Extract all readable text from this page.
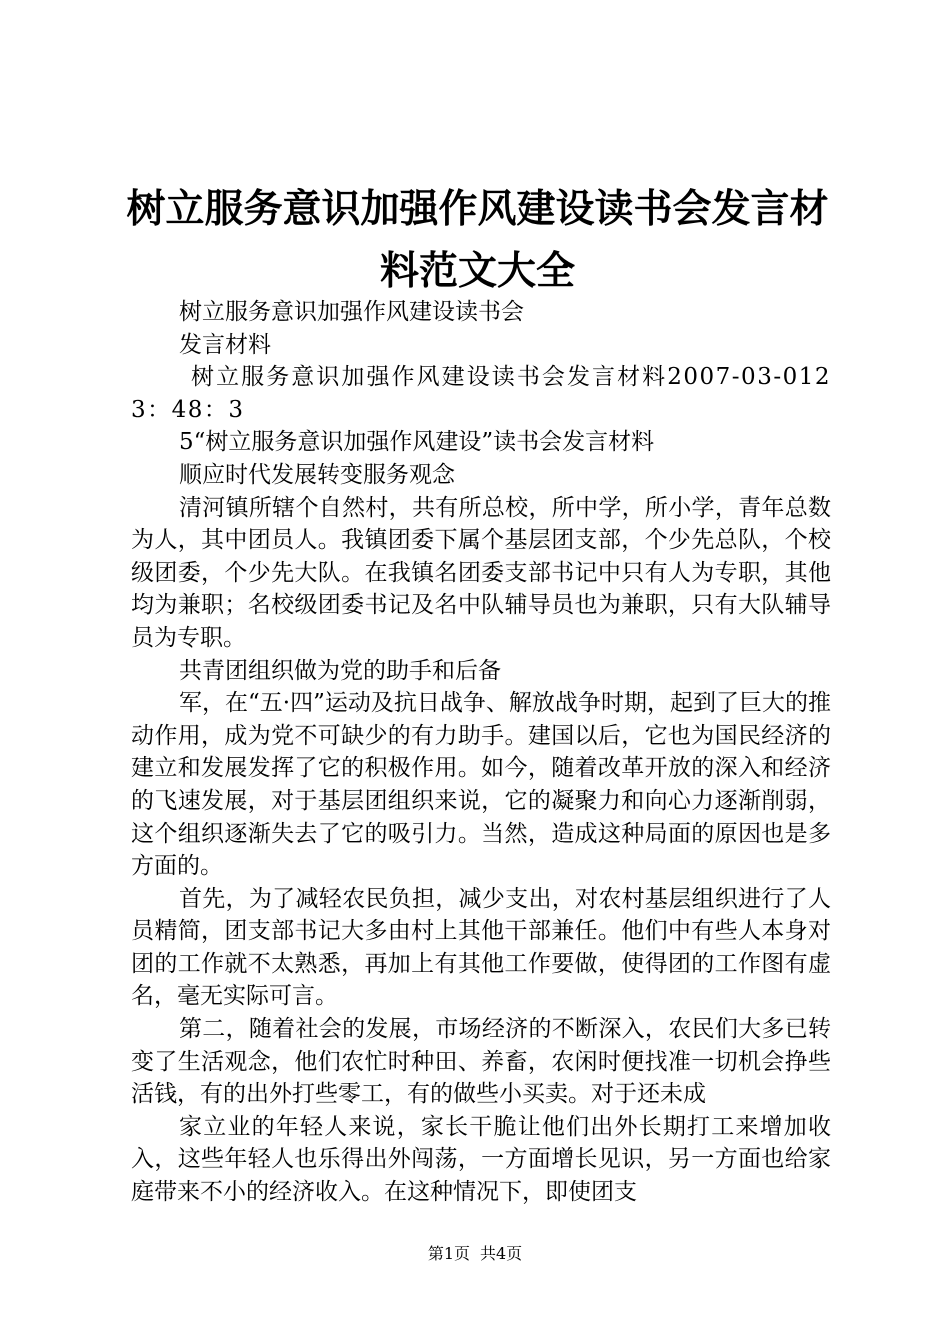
树立服务意识加强作风建设读书会发言材料范文大全

树立服务意识加强作风建设读书会

发言材料

树立服务意识加强作风建设读书会发言材料2007-03-0123：48：3

5“树立服务意识加强作风建设”读书会发言材料

顺应时代发展转变服务观念

清河镇所辖个自然村，共有所总校，所中学，所小学，青年总数为人，其中团员人。我镇团委下属个基层团支部，个少先总队，个校级团委，个少先大队。在我镇名团委支部书记中只有人为专职，其他均为兼职；名校级团委书记及名中队辅导员也为兼职，只有大队辅导员为专职。

共青团组织做为党的助手和后备

军，在“五·四”运动及抗日战争、解放战争时期，起到了巨大的推动作用，成为党不可缺少的有力助手。建国以后，它也为国民经济的建立和发展发挥了它的积极作用。如今，随着改革开放的深入和经济的飞速发展，对于基层团组织来说，它的凝聚力和向心力逐渐削弱，这个组织逐渐失去了它的吸引力。当然，造成这种局面的原因也是多方面的。

首先，为了减轻农民负担，减少支出，对农村基层组织进行了人员精简，团支部书记大多由村上其他干部兼任。他们中有些人本身对团的工作就不太熟悉，再加上有其他工作要做，使得团的工作图有虚名，毫无实际可言。

第二，随着社会的发展，市场经济的不断深入，农民们大多已转变了生活观念，他们农忙时种田、养畜，农闲时便找准一切机会挣些活钱，有的出外打些零工，有的做些小买卖。对于还未成

家立业的年轻人来说，家长干脆让他们出外长期打工来增加收入，这些年轻人也乐得出外闯荡，一方面增长见识，另一方面也给家庭带来不小的经济收入。在这种情况下，即使团支

第1页 共4页
